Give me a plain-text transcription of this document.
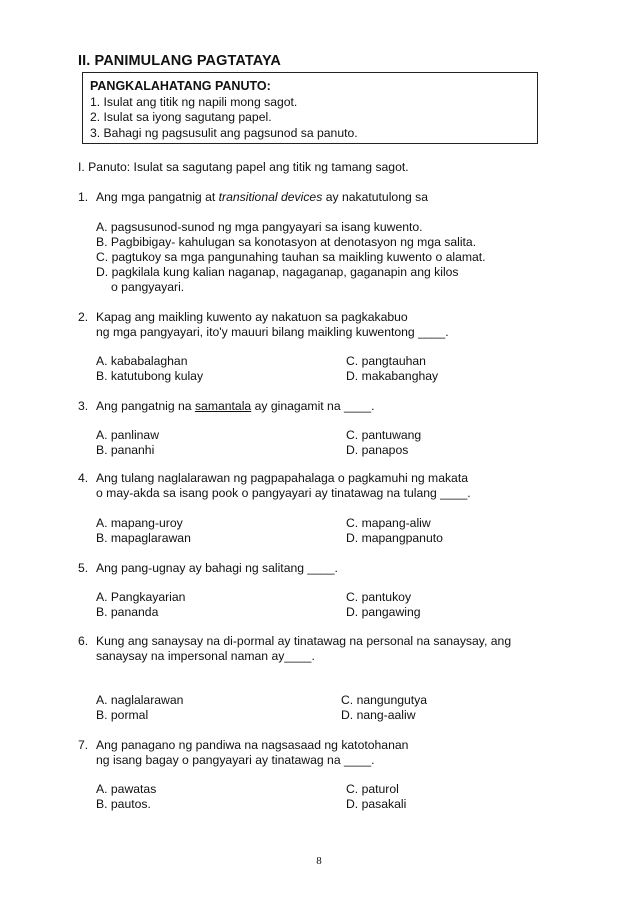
II. PANIMULANG PAGTATAYA
PANGKALAHATANG PANUTO:
1. Isulat ang titik ng napili mong sagot.
2. Isulat sa iyong sagutang papel.
3. Bahagi ng pagsusulit ang pagsunod sa panuto.
I. Panuto: Isulat sa sagutang papel ang titik ng tamang sagot.
1. Ang mga pangatnig at transitional devices ay nakatutulong sa
A. pagsusunod-sunod ng mga pangyayari sa isang kuwento.
B. Pagbibigay- kahulugan sa konotasyon at denotasyon ng mga salita.
C. pagtukoy sa mga pangunahing tauhan sa maikling kuwento o alamat.
D. pagkilala kung kalian naganap, nagaganap, gaganapin ang kilos
o pangyayari.
2. Kapag ang maikling kuwento ay nakatuon sa pagkakabuo
ng mga pangyayari, ito'y mauuri bilang maikling kuwentong ____.
A. kababalaghan
B. katutubong kulay
C. pangtauhan
D. makabanghay
3. Ang pangatnig na samantala ay ginagamit na ____.
A. panlinaw
B. pananhi
C. pantuwang
D. panapos
4. Ang tulang naglalarawan ng pagpapahalaga o pagkamuhi ng makata
o may-akda sa isang pook o pangyayari ay tinatawag na tulang ____.
A. mapang-uroy
B. mapaglarawan
C. mapang-aliw
D. mapangpanuto
5. Ang pang-ugnay ay bahagi ng salitang ____.
A. Pangkayarian
B. pananda
C. pantukoy
D. pangawing
6. Kung ang sanaysay na di-pormal ay tinatawag na personal na sanaysay, ang
sanaysay na impersonal naman ay____.
A. naglalarawan
B. pormal
C. nangungutya
D. nang-aaliw
7. Ang panagano ng pandiwa na nagsasaad ng katotohanan
ng isang bagay o pangyayari ay tinatawag na ____.
A. pawatas
B. pautos.
C. paturol
D. pasakali
8
